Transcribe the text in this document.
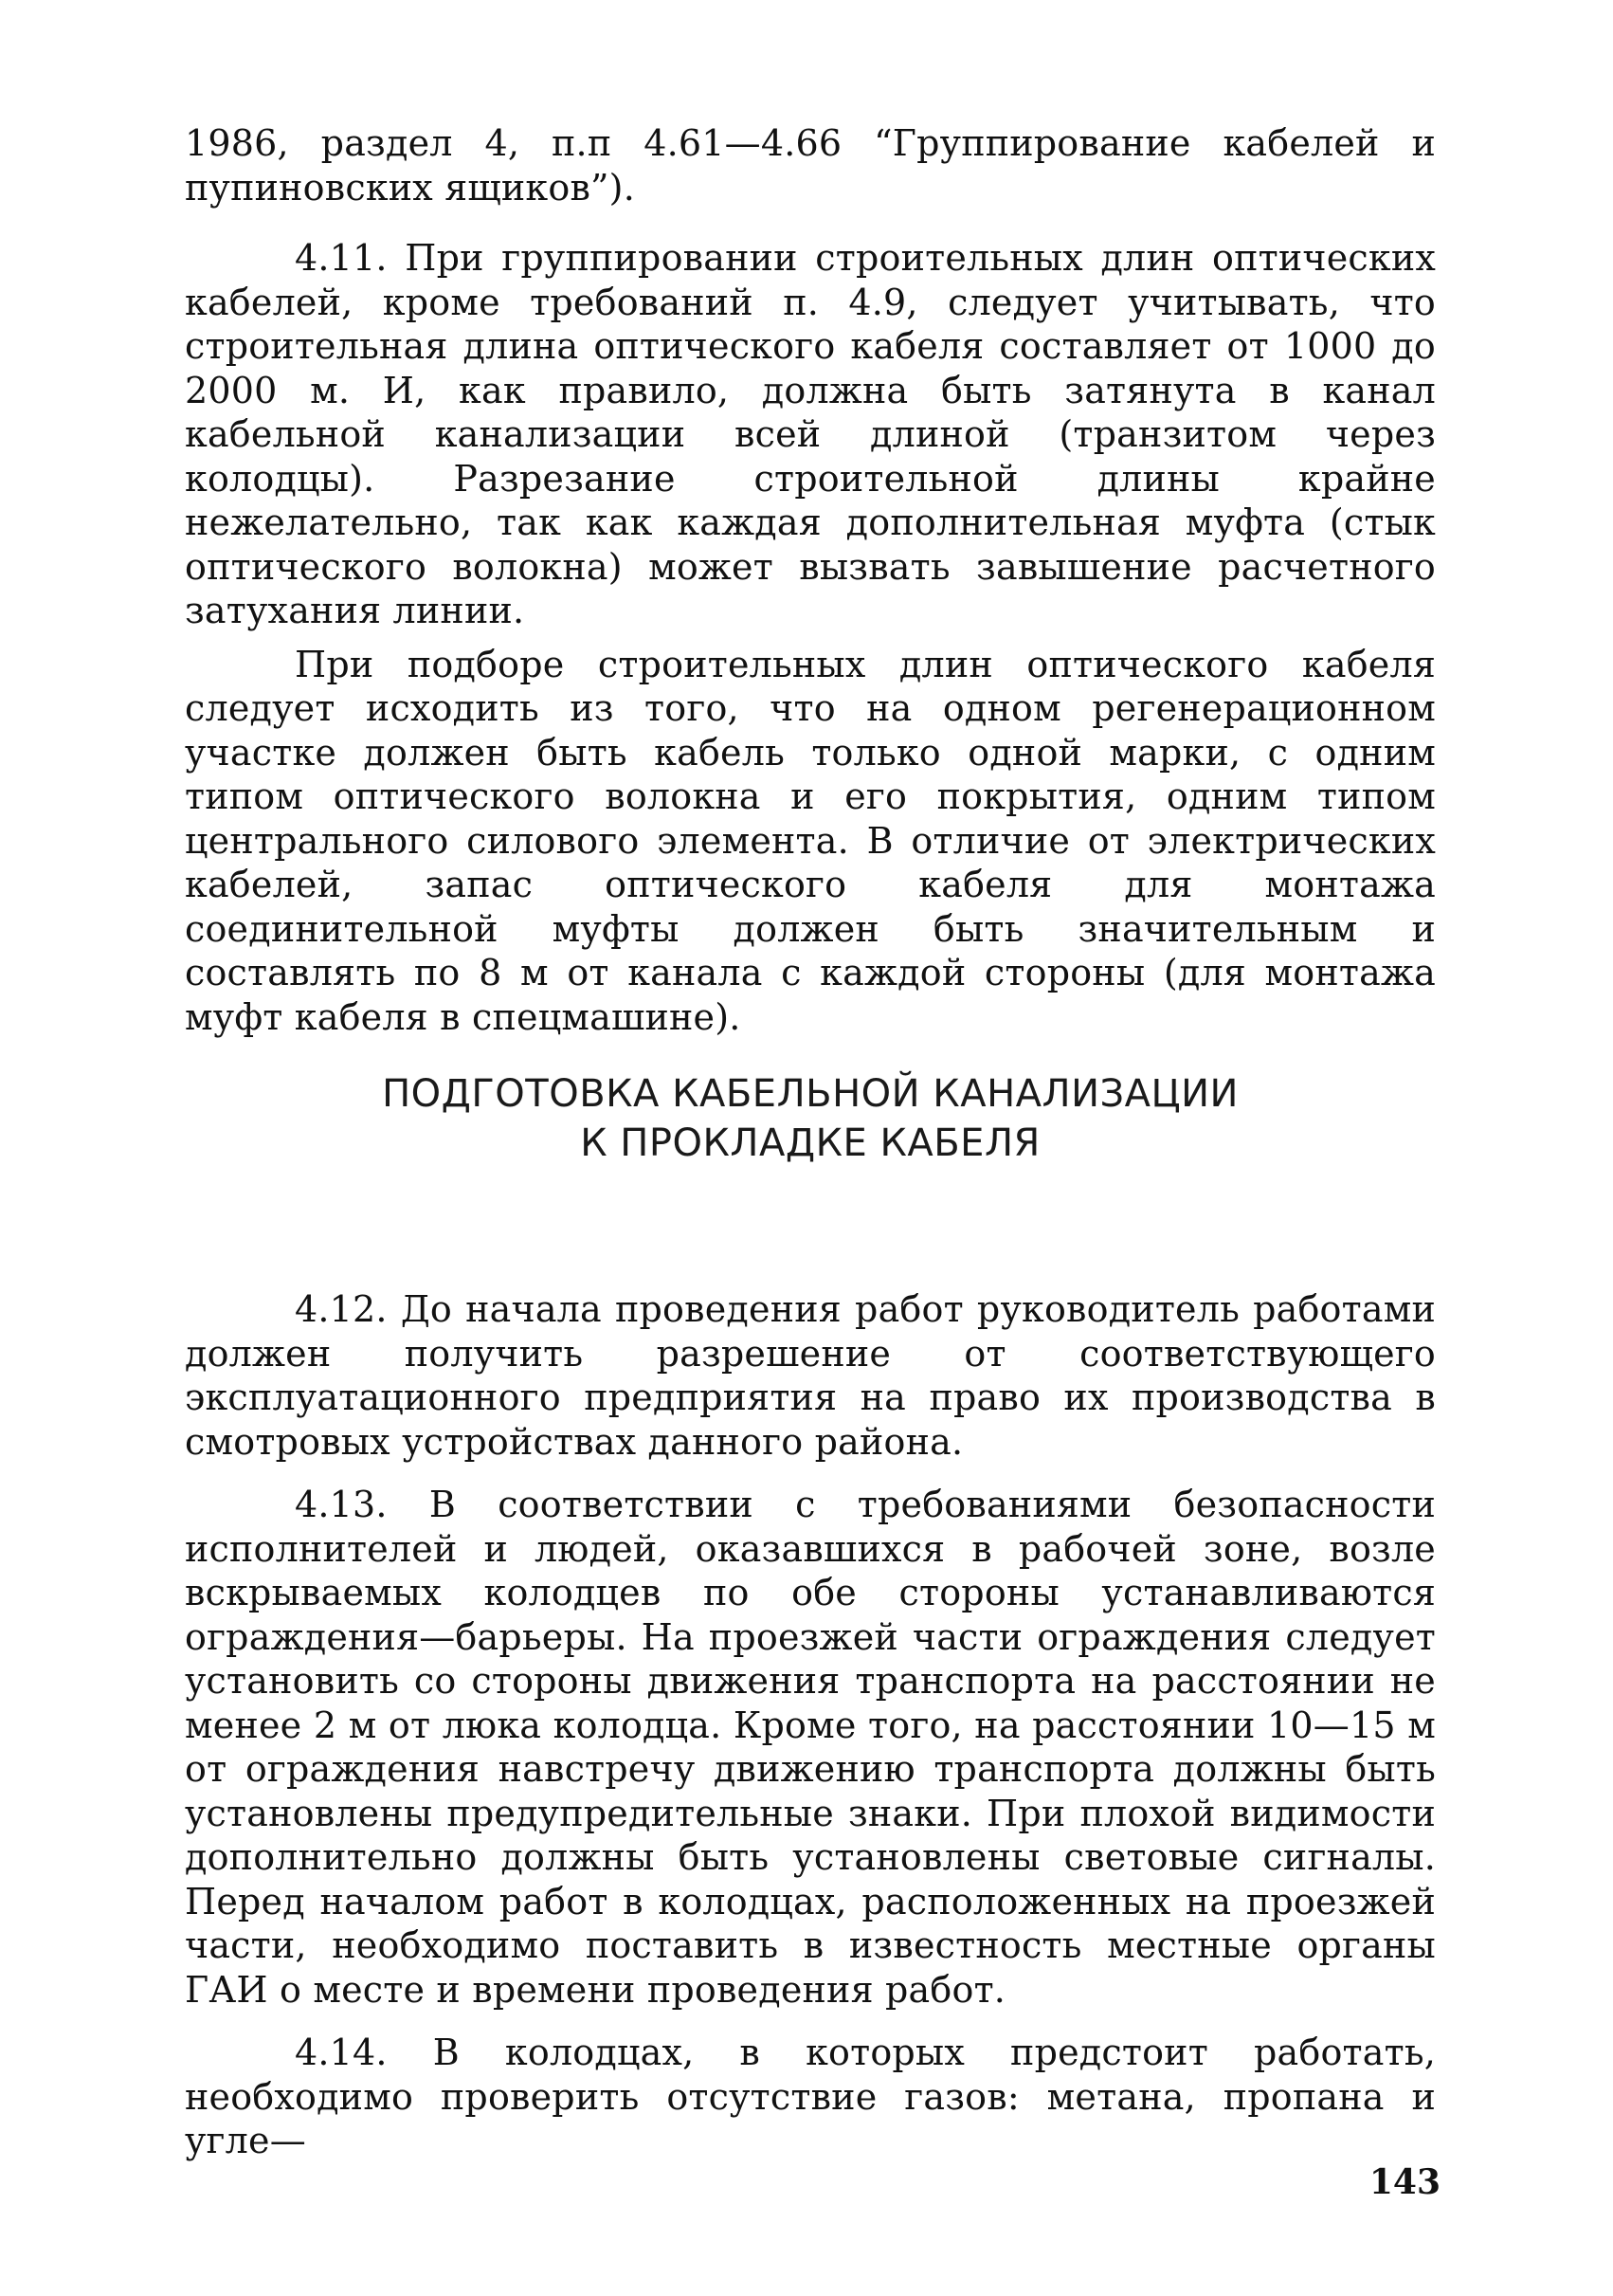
1986, раздел 4, п.п 4.61—4.66 “Группирование кабелей и пупиновских ящиков”).

4.11. При группировании строительных длин оптических кабелей, кроме требований п. 4.9, следует учитывать, что строительная длина оптического кабеля составляет от 1000 до 2000 м. И, как правило, должна быть затянута в канал кабельной канализации всей длиной (транзитом через колодцы). Разрезание строительной длины крайне нежелательно, так как каждая дополнительная муфта (стык оптического волокна) может вызвать завышение расчетного затухания линии.

При подборе строительных длин оптического кабеля следует исходить из того, что на одном регенерационном участке должен быть кабель только одной марки, с одним типом оптического волокна и его покрытия, одним типом центрального силового элемента. В отличие от электрических кабелей, запас оптического кабеля для монтажа соединительной муфты должен быть значительным и составлять по 8 м от канала с каждой стороны (для монтажа муфт кабеля в спецмашине).

ПОДГОТОВКА КАБЕЛЬНОЙ КАНАЛИЗАЦИИ
К ПРОКЛАДКЕ КАБЕЛЯ

4.12. До начала проведения работ руководитель работами должен получить разрешение от соответствующего эксплуатационного предприятия на право их производства в смотровых устройствах данного района.

4.13. В соответствии с требованиями безопасности исполнителей и людей, оказавшихся в рабочей зоне, возле вскрываемых колодцев по обе стороны устанавливаются ограждения—барьеры. На проезжей части ограждения следует установить со стороны движения транспорта на расстоянии не менее 2 м от люка колодца. Кроме того, на расстоянии 10—15 м от ограждения навстречу движению транспорта должны быть установлены предупредительные знаки. При плохой видимости дополнительно должны быть установлены световые сигналы. Перед началом работ в колодцах, расположенных на проезжей части, необходимо поставить в известность местные органы ГАИ о месте и времени проведения работ.

4.14. В колодцах, в которых предстоит работать, необходимо проверить отсутствие газов: метана, пропана и угле—

143
